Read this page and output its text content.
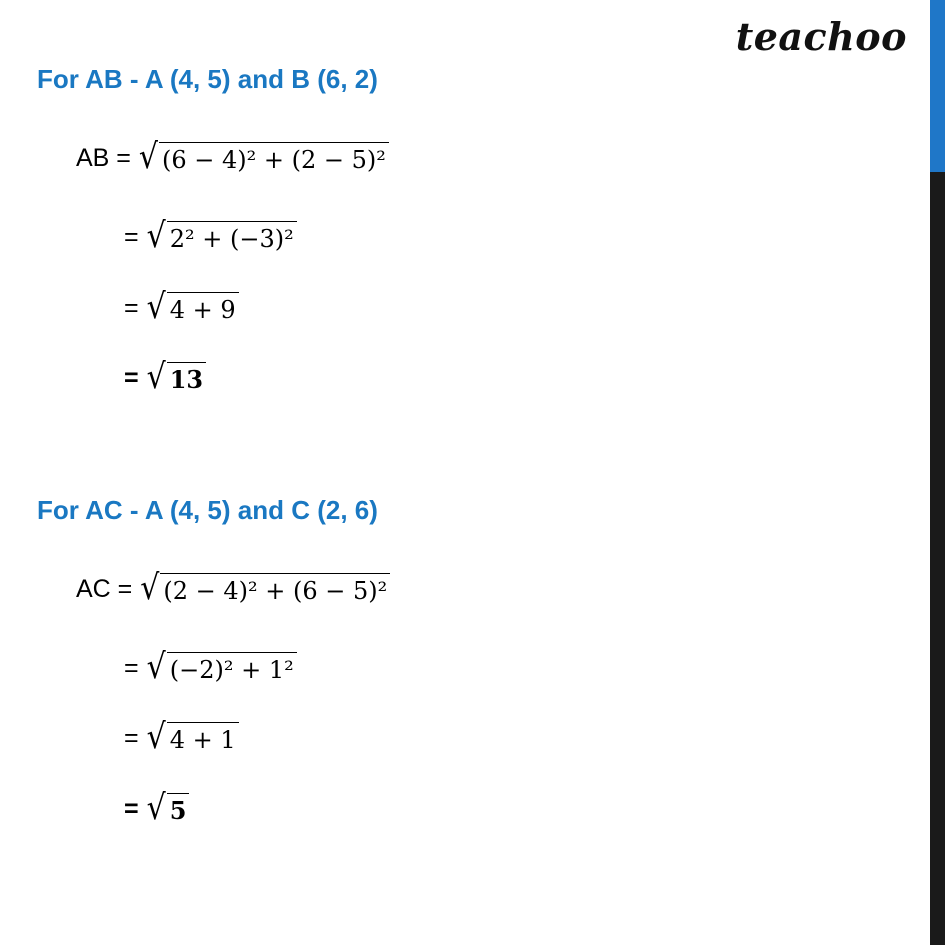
teachoo
For AB - A (4, 5) and B (6, 2)
AB = √ (6 − 4)² + (2 − 5)²
= √ 2² + (−3)²
= √ 4 + 9
= √ 13
For AC - A (4, 5) and C (2, 6)
AC = √ (2 − 4)² + (6 − 5)²
= √ (−2)² + 1²
= √ 4 + 1
= √ 5
